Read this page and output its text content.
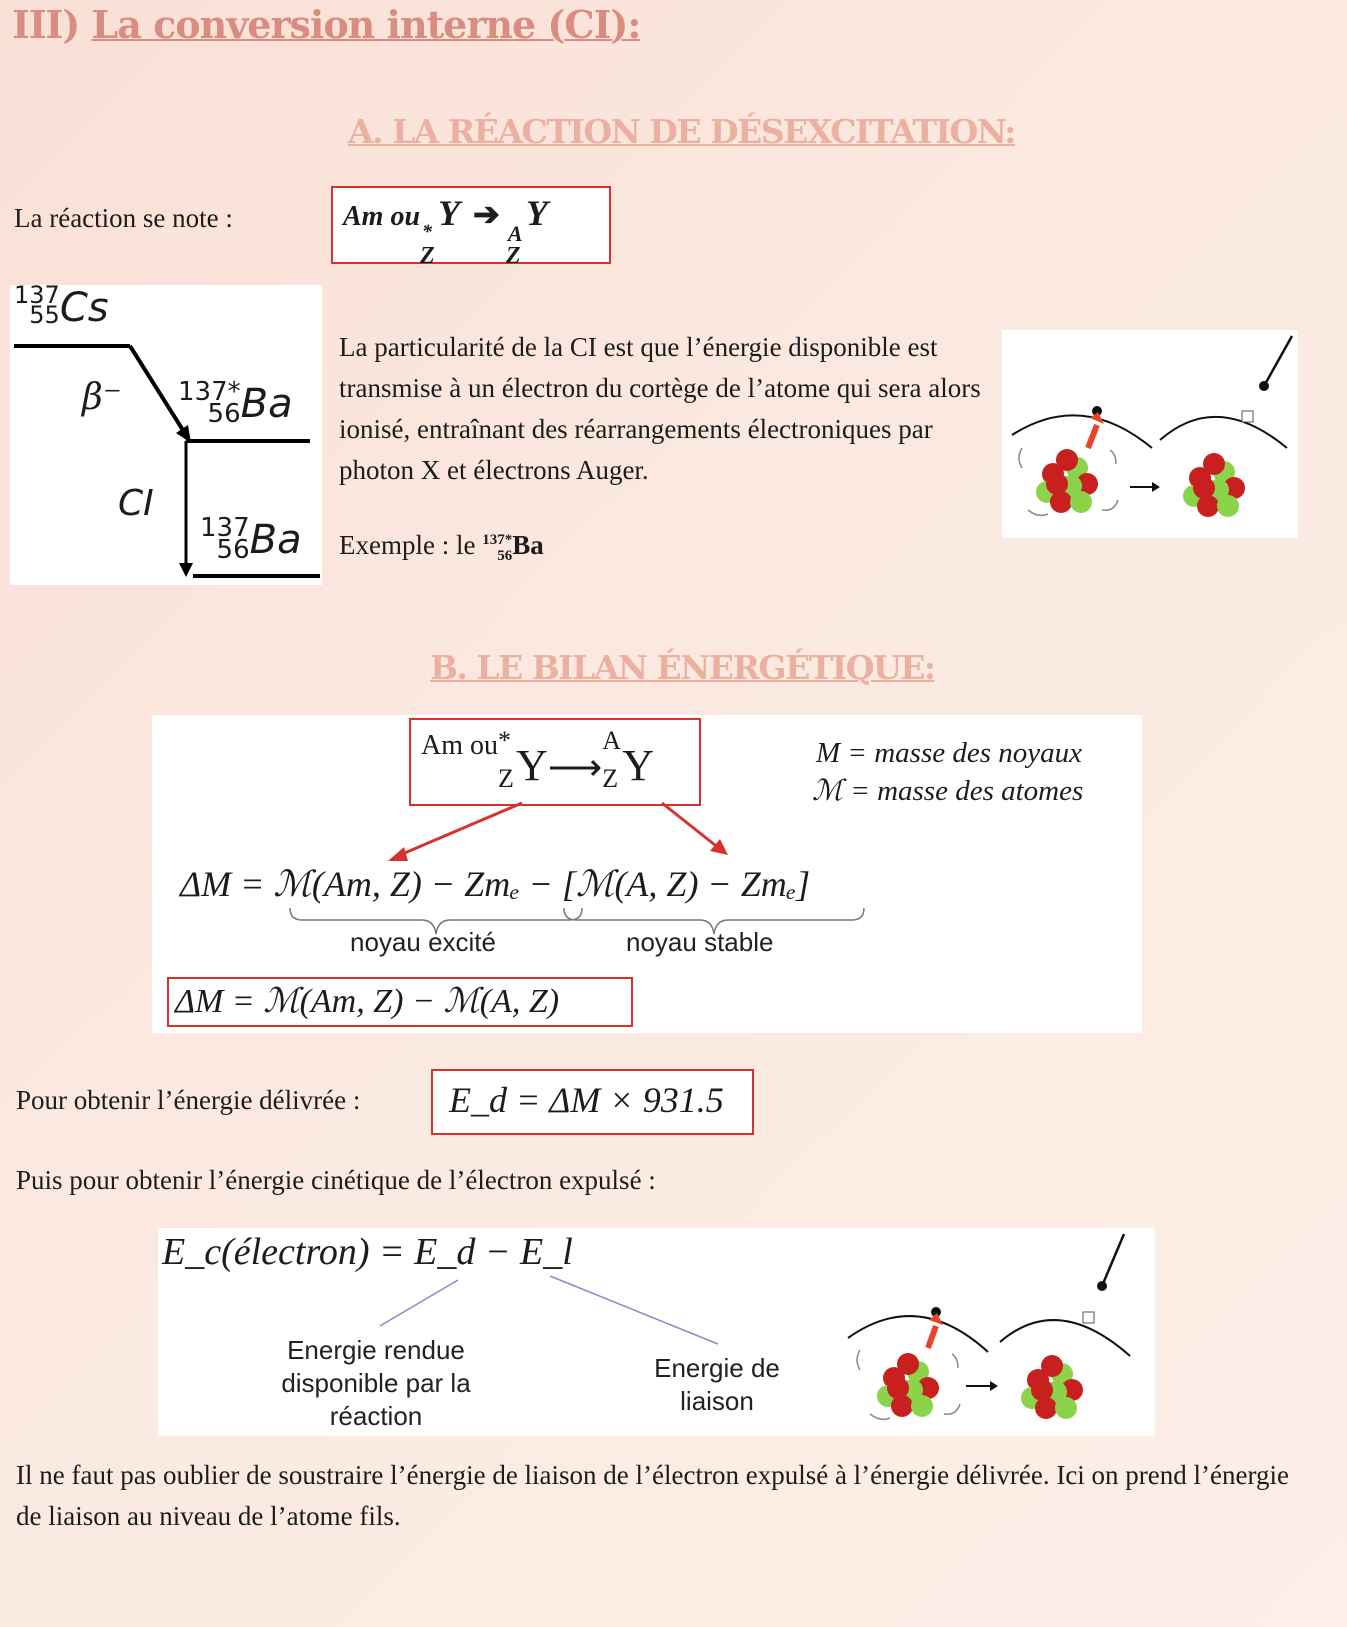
III) La conversion interne (CI):
A. LA RÉACTION DE DÉSEXCITATION:
La réaction se note :	Am ou *
Z
Y ➔
A
Z
Y
137
55Cs
β⁻ 137*
56Ba
CI
137
56Ba
La particularité de la CI est que l’énergie disponible est transmise à un électron du cortège de l’atome qui sera alors ionisé, entraînant des réarrangements électroniques par photon X et électrons Auger.
Exemple : le 137*
56Ba
B. LE BILAN ÉNERGÉTIQUE:
Am ou *
Z Y⟶
A
Z Y	M = masse des noyaux
ℳ = masse des atomes
ΔM = ℳ(Am, Z) − Zmₑ − [ℳ(A, Z) − Zmₑ]
noyau excité	noyau stable
ΔM = ℳ(Am, Z) − ℳ(A, Z)
Pour obtenir l’énergie délivrée : E_d = ΔM × 931.5
Puis pour obtenir l’énergie cinétique de l’électron expulsé :
E_c(électron) = E_d − E_l
Energie rendue disponible par la réaction
Energie de liaison
Il ne faut pas oublier de soustraire l’énergie de liaison de l’électron expulsé à l’énergie délivrée. Ici on prend l’énergie de liaison au niveau de l’atome fils.
